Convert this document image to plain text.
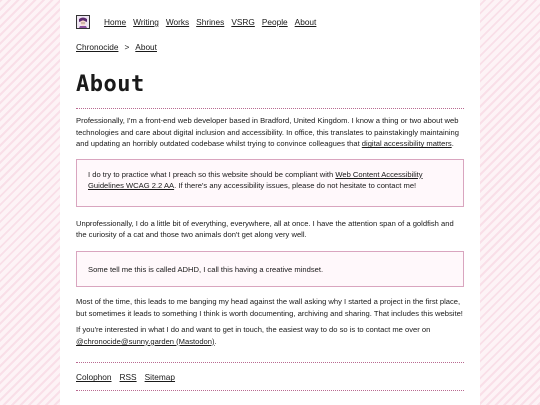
Home Writing Works Shrines VSRG People About
Chronocide > About
About

Professionally, I'm a front-end web developer based in Bradford, United Kingdom. I know a thing or two about web technologies and care about digital inclusion and accessibility. In office, this translates to painstakingly maintaining and updating an horribly outdated codebase whilst trying to convince colleagues that digital accessibility matters.

I do try to practice what I preach so this website should be compliant with Web Content Accessibility Guidelines WCAG 2.2 AA. If there's any accessibility issues, please do not hesitate to contact me!

Unprofessionally, I do a little bit of everything, everywhere, all at once. I have the attention span of a goldfish and the curiosity of a cat and those two animals don't get along very well.

Some tell me this is called ADHD, I call this having a creative mindset.

Most of the time, this leads to me banging my head against the wall asking why I started a project in the first place, but sometimes it leads to something I think is worth documenting, archiving and sharing. That includes this website!

If you're interested in what I do and want to get in touch, the easiest way to do so is to contact me over on @chronocide@sunny.garden (Mastodon).

Colophon RSS Sitemap
